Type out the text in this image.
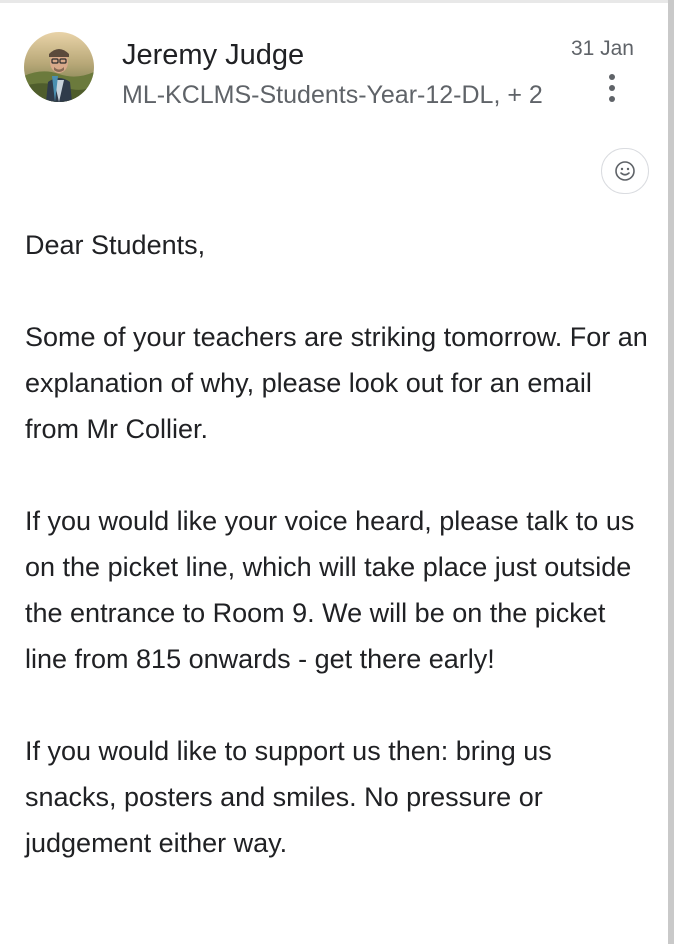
Jeremy Judge
ML-KCLMS-Students-Year-12-DL, + 2
31 Jan

Dear Students,

Some of your teachers are striking tomorrow. For an explanation of why, please look out for an email from Mr Collier.

If you would like your voice heard, please talk to us on the picket line, which will take place just outside the entrance to Room 9. We will be on the picket line from 815 onwards - get there early!

If you would like to support us then: bring us snacks, posters and smiles. No pressure or judgement either way.
